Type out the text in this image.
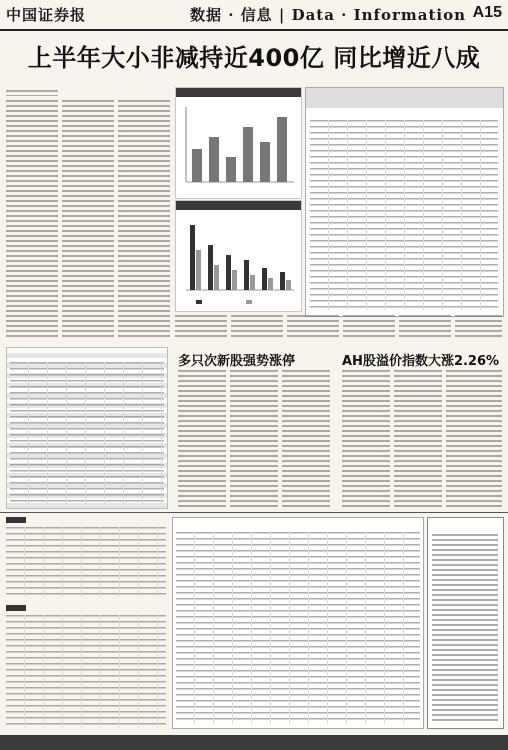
中国证券报	数据 · 信息 | Data · Information A15
上半年大小非减持近400亿 同比增近八成
多只次新股强势涨停	AH股溢价指数大涨2.26%
